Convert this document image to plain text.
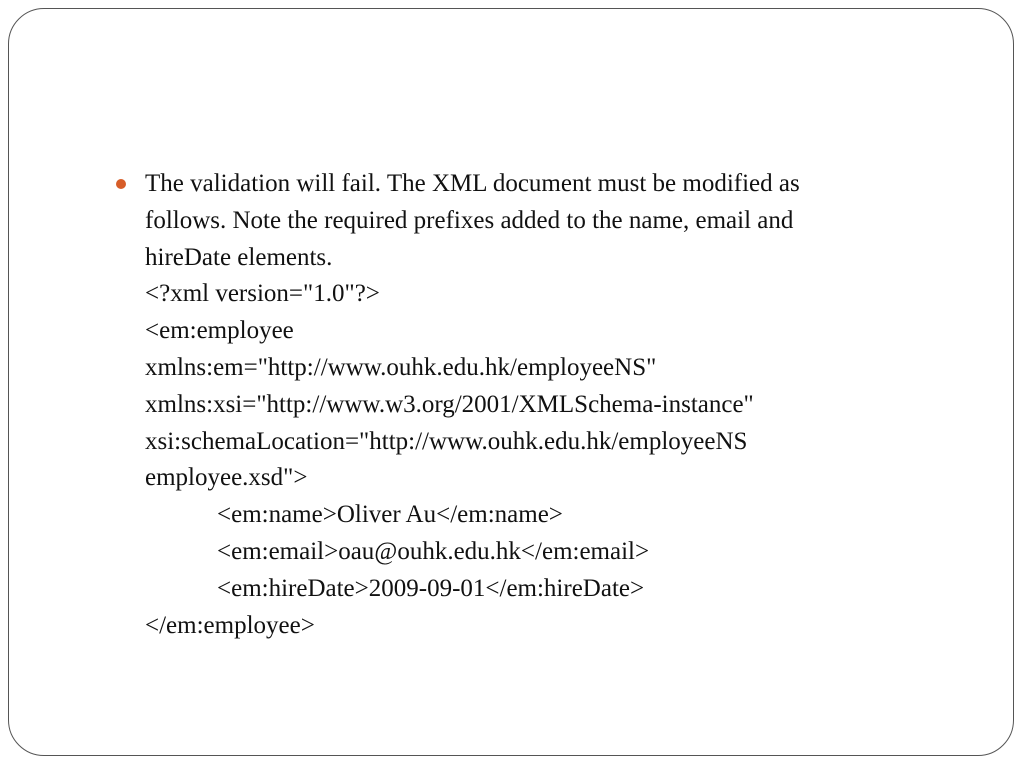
The validation will fail. The XML document must be modified as
follows. Note the required prefixes added to the name, email and
hireDate elements.
<?xml version="1.0"?>
<em:employee
xmlns:em="http://www.ouhk.edu.hk/employeeNS"
xmlns:xsi="http://www.w3.org/2001/XMLSchema-instance"
xsi:schemaLocation="http://www.ouhk.edu.hk/employeeNS
employee.xsd">
<em:name>Oliver Au</em:name>
<em:email>oau@ouhk.edu.hk</em:email>
<em:hireDate>2009-09-01</em:hireDate>
</em:employee>
